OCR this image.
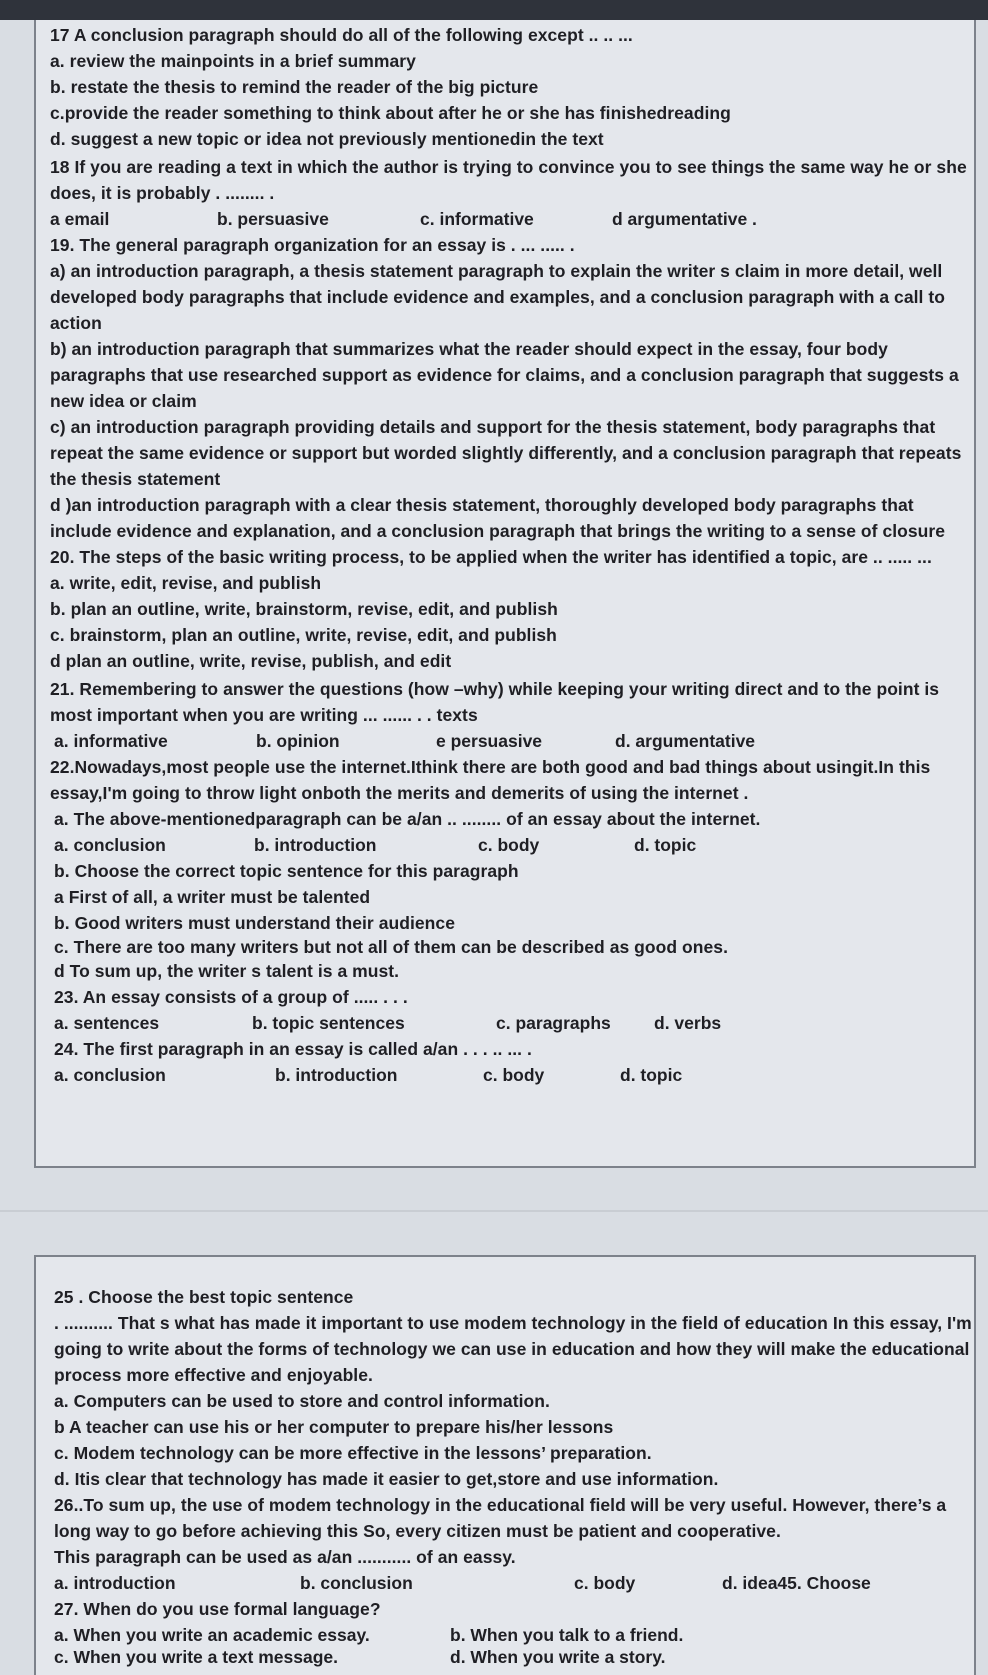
17 A conclusion paragraph should do all of the following except .. .. ...
a. review the mainpoints in a brief summary
b. restate the thesis to remind the reader of the big picture
c.provide the reader something to think about after he or she has finishedreading
d. suggest a new topic or idea not previously mentionedin the text
18 If you are reading a text in which the author is trying to convince you to see things the same way he or she
does, it is probably . ........ .
a email	b. persuasive	c. informative	d argumentative .
19. The general paragraph organization for an essay is . ... ..... .
a) an introduction paragraph, a thesis statement paragraph to explain the writer s claim in more detail, well
developed body paragraphs that include evidence and examples, and a conclusion paragraph with a call to
action
b) an introduction paragraph that summarizes what the reader should expect in the essay, four body
paragraphs that use researched support as evidence for claims, and a conclusion paragraph that suggests a
new idea or claim
c) an introduction paragraph providing details and support for the thesis statement, body paragraphs that
repeat the same evidence or support but worded slightly differently, and a conclusion paragraph that repeats
the thesis statement
d )an introduction paragraph with a clear thesis statement, thoroughly developed body paragraphs that
include evidence and explanation, and a conclusion paragraph that brings the writing to a sense of closure
20. The steps of the basic writing process, to be applied when the writer has identified a topic, are .. ..... ...
a. write, edit, revise, and publish
b. plan an outline, write, brainstorm, revise, edit, and publish
c. brainstorm, plan an outline, write, revise, edit, and publish
d plan an outline, write, revise, publish, and edit
21. Remembering to answer the questions (how –why) while keeping your writing direct and to the point is
most important when you are writing ... ...... . . texts
a. informative	b. opinion	e persuasive	d. argumentative
22.Nowadays,most people use the internet.Ithink there are both good and bad things about usingit.In this
essay,I'm going to throw light onboth the merits and demerits of using the internet .
a. The above-mentionedparagraph can be a/an .. ........ of an essay about the internet.
a. conclusion	b. introduction	c. body	d. topic
b. Choose the correct topic sentence for this paragraph
a First of all, a writer must be talented
b. Good writers must understand their audience
c. There are too many writers but not all of them can be described as good ones.
d To sum up, the writer s talent is a must.
23. An essay consists of a group of ..... . . .
a. sentences	b. topic sentences	c. paragraphs d. verbs
24. The first paragraph in an essay is called a/an . . . .. ... .
a. conclusion	b. introduction	c. body	d. topic
25 . Choose the best topic sentence
. .......... That s what has made it important to use modem technology in the field of education In this essay, I'm
going to write about the forms of technology we can use in education and how they will make the educational
process more effective and enjoyable.
a. Computers can be used to store and control information.
b A teacher can use his or her computer to prepare his/her lessons
c. Modem technology can be more effective in the lessons’ preparation.
d. Itis clear that technology has made it easier to get,store and use information.
26..To sum up, the use of modem technology in the educational field will be very useful. However, there’s a
long way to go before achieving this So, every citizen must be patient and cooperative.
This paragraph can be used as a/an ........... of an eassy.
a. introduction	b. conclusion	c. body	d. idea45. Choose
27. When do you use formal language?
a. When you write an academic essay.	b. When you talk to a friend.
c. When you write a text message.	d. When you write a story.
